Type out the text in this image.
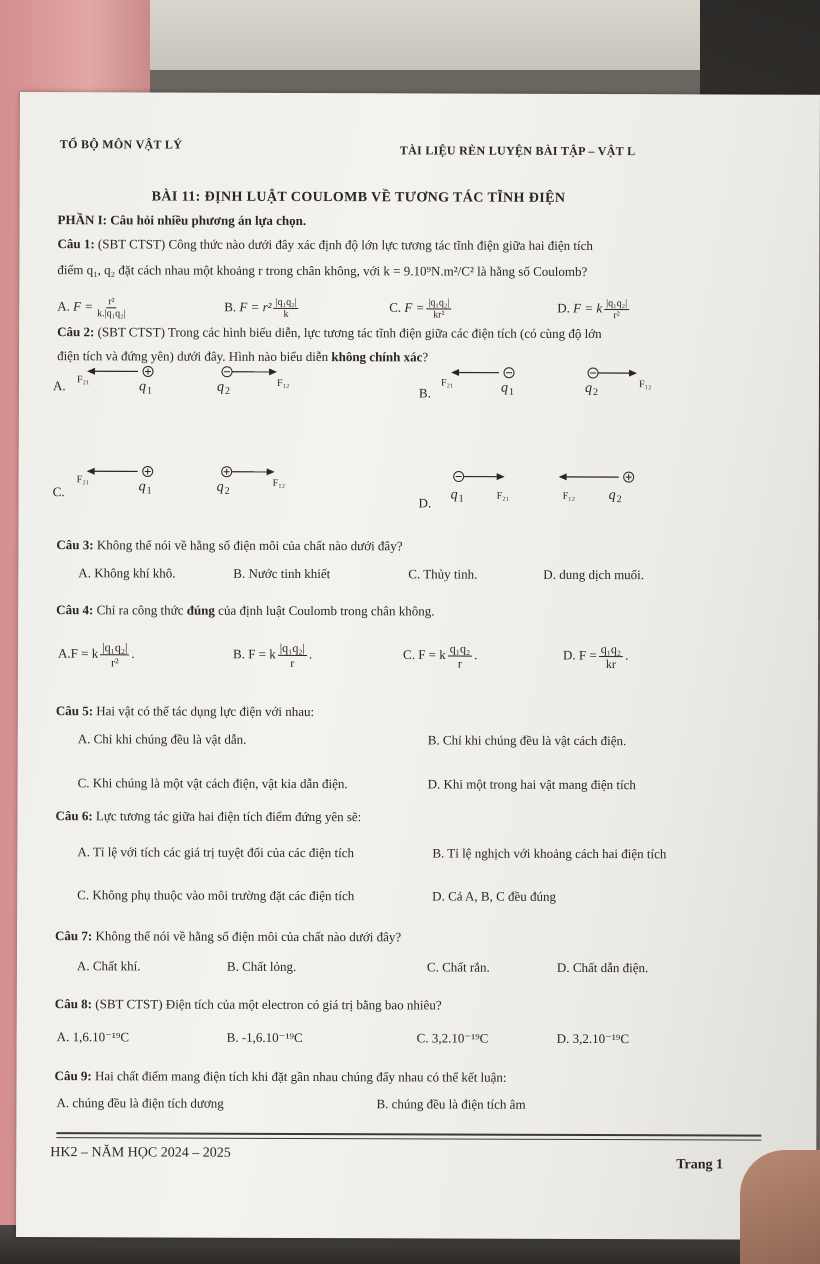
TỔ BỘ MÔN VẬT LÝ	TÀI LIỆU RÈN LUYỆN BÀI TẬP – VẬT L
BÀI 11: ĐỊNH LUẬT COULOMB VỀ TƯƠNG TÁC TĨNH ĐIỆN
PHẦN I: Câu hỏi nhiều phương án lựa chọn.
Câu 1: (SBT CTST) Công thức nào dưới đây xác định độ lớn lực tương tác tĩnh điện giữa hai điện tích
điểm q₁, q₂ đặt cách nhau một khoảng r trong chân không, với k = 9.10⁹N.m²/C² là hằng số Coulomb?
A. $F = \frac{\text{r²}}{\text{k.|q₁q₂|}}$	B. $F = r^2 \frac{\text{|q₁q₂|}}{k}$	C. $F = \frac{\text{|q₁q₂|}}{\text{kr²}}$	D. F = k $\frac{\text{|q₁q₂|}}{\text{r²}}$
Câu 2: (SBT CTST) Trong các hình biểu diễn, lực tương tác tĩnh điện giữa các điện tích (có cùng độ lớn
điện tích và đứng yên) dưới đây. Hình nào biểu diễn không chính xác?
A. F₂₁	q 1	q 2
F₁₂
B.
F₂₁	q 1	q 2
F₁₂
C.
F₂₁	q 1	q 2
F₁₂
D.
q 1	F₂₁	F₁₂ q 2
Câu 3: Không thể nói về hằng số điện môi của chất nào dưới đây?
A. Không khí khô.	B. Nước tinh khiết	C. Thủy tinh.	D. dung dịch muối.
Câu 4: Chỉ ra công thức đúng của định luật Coulomb trong chân không.
A.F = k $\frac{\text{|q₁q₂|}}{\text{r²}}$ .	B. F = k $\frac{\text{|q₁q₂|}}{r}$ .	C. F = k $\frac{\text{q₁q₂}}{r}$ .	D. $F = \frac{\text{q₁q₂}}{kr}$ .
Câu 5: Hai vật có thể tác dụng lực điện với nhau:
A. Chỉ khi chúng đều là vật dẫn.	B. Chỉ khi chúng đều là vật cách điện.
C. Khi chúng là một vật cách điện, vật kia dẫn điện.	D. Khi một trong hai vật mang điện tích
Câu 6: Lực tương tác giữa hai điện tích điểm đứng yên sẽ:
A. Tỉ lệ với tích các giá trị tuyệt đối của các điện tích	B. Tỉ lệ nghịch với khoảng cách hai điện tích
C. Không phụ thuộc vào môi trường đặt các điện tích	D. Cả A, B, C đều đúng
Câu 7: Không thể nói về hằng số điện môi của chất nào dưới đây?
A. Chất khí.	B. Chất lỏng.	C. Chất rắn.	D. Chất dẫn điện.
Câu 8: (SBT CTST) Điện tích của một electron có giá trị bằng bao nhiêu?
A. 1,6.10⁻¹⁹C	B. -1,6.10⁻¹⁹C	C. 3,2.10⁻¹⁹C	D. 3,2.10⁻¹⁹C
Câu 9: Hai chất điểm mang điện tích khi đặt gần nhau chúng đẩy nhau có thể kết luận:
A. chúng đều là điện tích dương	B. chúng đều là điện tích âm
HK2 – NĂM HỌC 2024 – 2025
Trang 1
